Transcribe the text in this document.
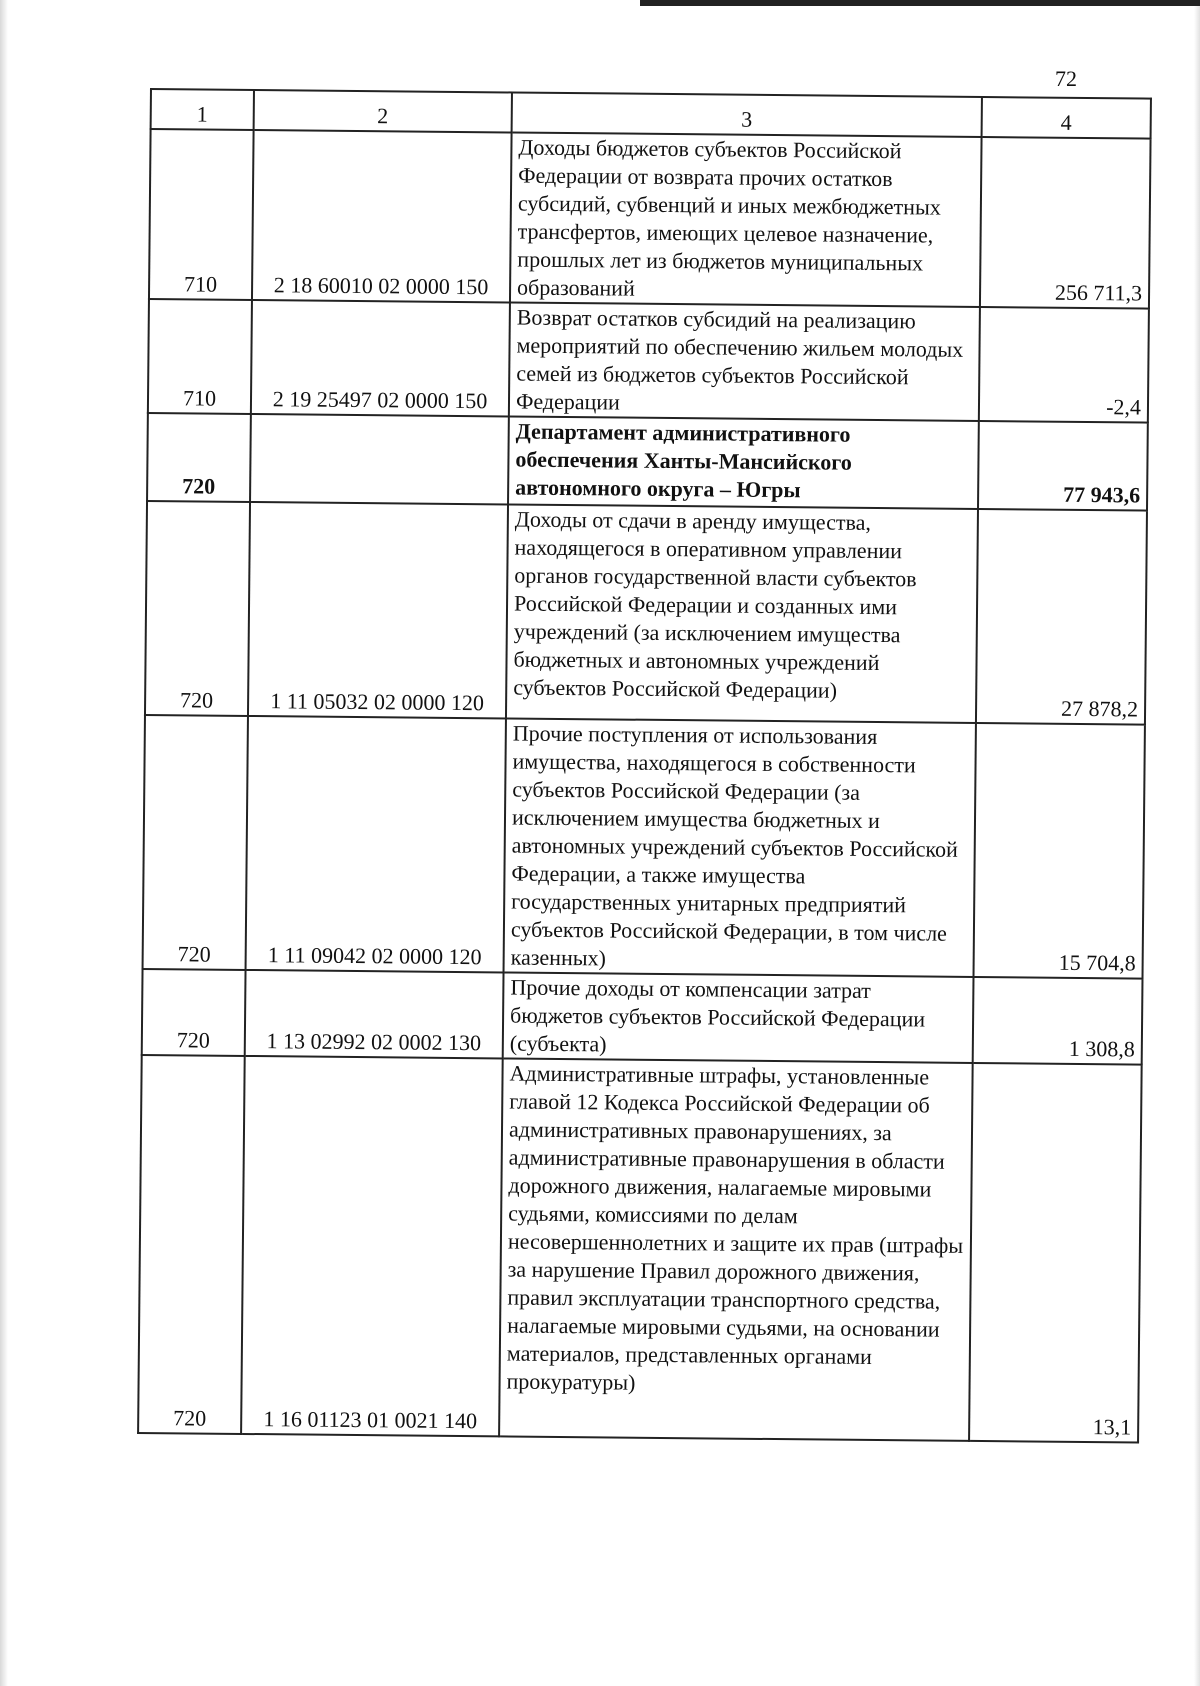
72
1	2	3	4
710	2 18 60010 02 0000 150	Доходы бюджетов субъектов Российской Федерации от возврата прочих остатков субсидий, субвенций и иных межбюджетных трансфертов, имеющих целевое назначение, прошлых лет из бюджетов муниципальных образований	256 711,3
710	2 19 25497 02 0000 150	Возврат остатков субсидий на реализацию мероприятий по обеспечению жильем молодых семей из бюджетов субъектов Российской Федерации	-2,4
720		Департамент административного обеспечения Ханты-Мансийского автономного округа – Югры	77 943,6
720	1 11 05032 02 0000 120	Доходы от сдачи в аренду имущества, находящегося в оперативном управлении органов государственной власти субъектов Российской Федерации и созданных ими учреждений (за исключением имущества бюджетных и автономных учреждений субъектов Российской Федерации)	27 878,2
720	1 11 09042 02 0000 120	Прочие поступления от использования имущества, находящегося в собственности субъектов Российской Федерации (за исключением имущества бюджетных и автономных учреждений субъектов Российской Федерации, а также имущества государственных унитарных предприятий субъектов Российской Федерации, в том числе казенных)	15 704,8
720	1 13 02992 02 0002 130	Прочие доходы от компенсации затрат бюджетов субъектов Российской Федерации (субъекта)	1 308,8
720	1 16 01123 01 0021 140	Административные штрафы, установленные главой 12 Кодекса Российской Федерации об административных правонарушениях, за административные правонарушения в области дорожного движения, налагаемые мировыми судьями, комиссиями по делам несовершеннолетних и защите их прав (штрафы за нарушение Правил дорожного движения, правил эксплуатации транспортного средства, налагаемые мировыми судьями, на основании материалов, представленных органами прокуратуры)	13,1
